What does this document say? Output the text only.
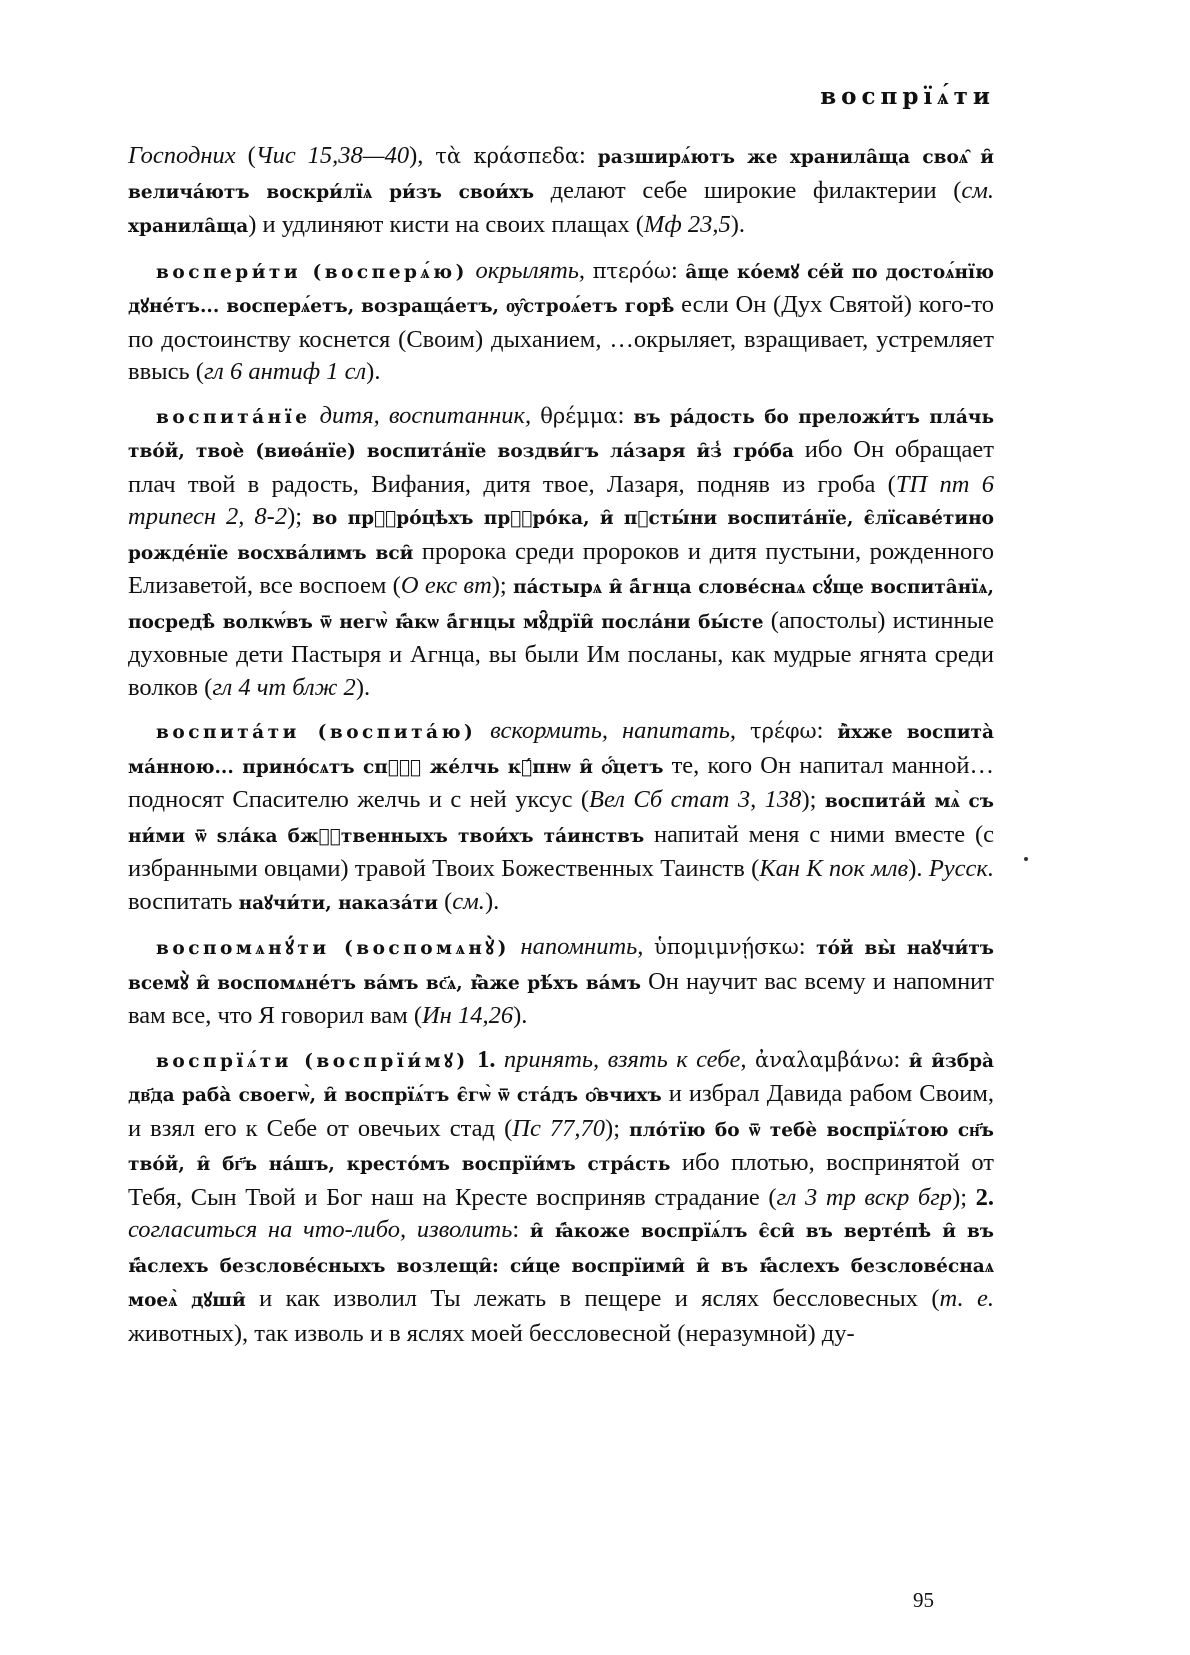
воспрїѧ́ти

Господних (Чис 15,38—40), τὰ κράσπεδα: разширѧ́ютъ же хранила̑ща своѧ̑ и̑ велича́ютъ воскри́лїѧ ри́зъ свои́хъ делают себе широкие филактерии (см. хранила̑ща) и удлиняют кисти на своих плащах (Мф 23,5).

воспери́ти (восперѧ́ю) окрылять, πτερόω: а̑ще ко́емꙋ се́й по достоѧ́нїю дꙋнéтъ... восперѧ́етъ, возраща́етъ, ѹ̑строѧ́етъ горѣ̀ если Он (Дух Святой) кого-то по достоинству коснется (Своим) дыханием, …окрыляет, взращивает, устремляет ввысь (гл 6 антиф 1 сл).

воспита́нїе дитя, воспитанник, θρέμμα: въ ра́дость бо преложи́тъ пла́чь тво́й, твоѐ (виѳа́нїе) воспита́нїе воздви́гъ ла́заря и̑з̾ гро́ба ибо Он обращает плач твой в радость, Вифания, дитя твое, Лазаря, подняв из гроба (ТП пт 6 трипесн 2, 8-2); во прⷪ҇ро́цѣхъ прⷪ҇ро́ка, и̑ пꙋсты́ни воспита́нїе, є̑лїсаве́тино рожде́нїе восхва́лимъ вси̑ пророка среди пророков и дитя пустыни, рожденного Елизаветой, все воспоем (О екс вт); па́стырѧ и̑ а̑́гнца слове́снаѧ сꙋ́ще воспита̑нїѧ, посредѣ̀ волкѡ́въ ѿ негѡ̀ ꙗ̑́кѡ а̑́гнцы мꙋ̑дрїи̑ посла́ни бы́сте (апостолы) истинные духовные дети Пастыря и Агнца, вы были Им посланы, как мудрые ягнята среди волков (гл 4 чт блж 2).

воспита́ти (воспита́ю) вскормить, напитать, τρέφω: и̑̀хже воспита̀ ма́нною... прино́сѧтъ спⷭ҇ꙋ же́лчь кꙋ́пнѡ и̑ ѻ̑́цетъ те, кого Он напитал манной… подносят Спасителю желчь и с ней уксус (Вел Сб стат 3, 138); воспита́й мѧ̀ съ ни́ми ѿ ѕла́ка бжⷭ҇твенныхъ твои́хъ та́инствъ напитай меня с ними вместе (с избранными овцами) травой Твоих Божественных Таинств (Кан К пок млв). Русск. воспитать наꙋчи́ти, наказа́ти (см.).

воспомѧнꙋ́ти (воспомѧнꙋ̀) напомнить, ὑπομιμνῄσκω: то́й вы̀ наꙋчи́тъ всемꙋ̀ и̑ воспомѧне́тъ ва́мъ вс҃ѧ, ꙗ̑̀же рѣ́хъ ва́мъ Он научит вас всему и напомнит вам все, что Я говорил вам (Ин 14,26).

воспрїѧ́ти (воспрїи́мꙋ) 1. принять, взять к себе, ἀναλαμβάνω: и̑ и̑збра̀ дв҃да раба̀ своегѡ̀, и̑ воспрїѧ́тъ є̑гѡ̀ ѿ ста́дъ ѻ̑вчихъ и избрал Давида рабом Своим, и взял его к Себе от овечьих стад (Пс 77,70); пло́тїю бо ѿ тебѐ воспрїѧ́тою сн҃ъ тво́й, и̑ бг҃ъ на́шъ, кресто́мъ воспрїи́мъ стра́сть ибо плотью, воспринятой от Тебя, Сын Твой и Бог наш на Кресте восприняв страдание (гл 3 тр вскр бгр); 2. согласиться на что-либо, изволить: и̑ ꙗ̑́коже воспрїѧ́лъ є̑си̑ въ верте́пѣ и̑ въ ꙗ̑́слехъ безслове́сныхъ возлещи̑: си́це воспрїими̑ и̑ въ ꙗ̑́слехъ безслове́снаѧ моеѧ̀ дꙋши̑ и как изволил Ты лежать в пещере и яслях бессловесных (т. е. животных), так изволь и в яслях моей бессловесной (неразумной) ду-

95
